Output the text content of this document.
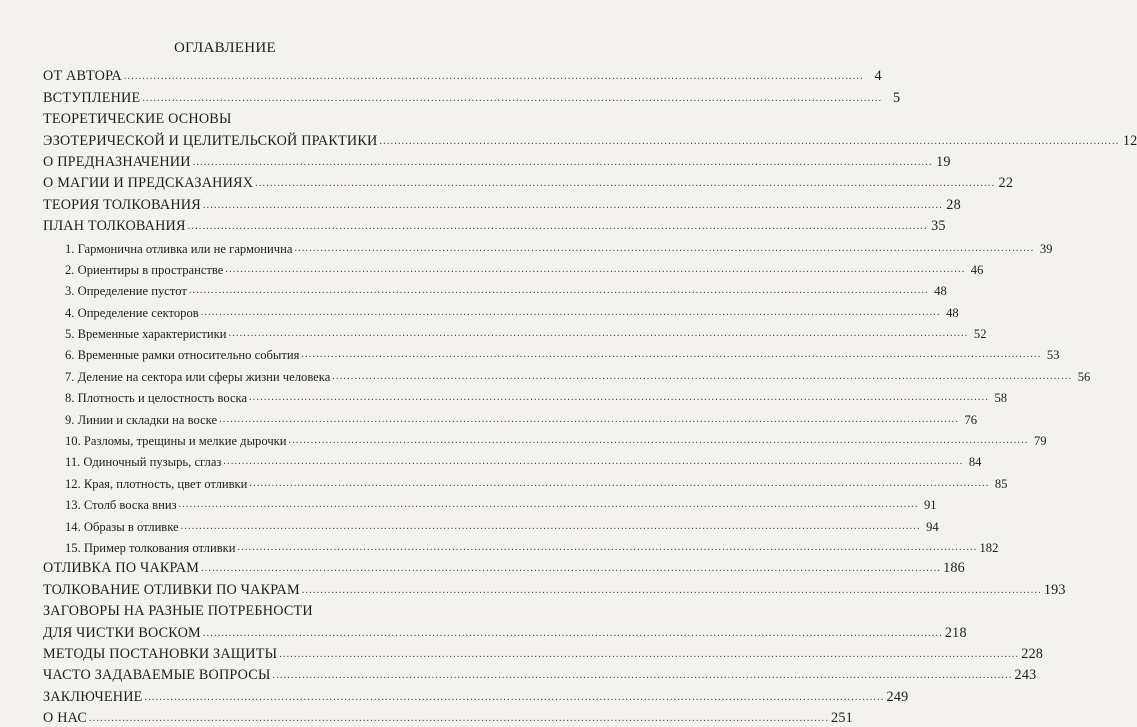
ОГЛАВЛЕНИЕ
ОТ АВТОРА ........................................................................................................................................................................................................ 4
ВСТУПЛЕНИЕ ........................................................................................................................................................................................................ 5
ТЕОРЕТИЧЕСКИЕ ОСНОВЫ
ЭЗОТЕРИЧЕСКОЙ И ЦЕЛИТЕЛЬСКОЙ ПРАКТИКИ ........................................................................................................................................................................................................ 12
О ПРЕДНАЗНАЧЕНИИ ........................................................................................................................................................................................................ 19
О МАГИИ И ПРЕДСКАЗАНИЯХ ........................................................................................................................................................................................................ 22
ТЕОРИЯ ТОЛКОВАНИЯ ........................................................................................................................................................................................................ 28
ПЛАН ТОЛКОВАНИЯ ........................................................................................................................................................................................................ 35
1. Гармонична отливка или не гармонична ........................................................................................................................................................................................................ 39
2. Ориентиры в пространстве ........................................................................................................................................................................................................ 46
3. Определение пустот ........................................................................................................................................................................................................ 48
4. Определение секторов ........................................................................................................................................................................................................ 48
5. Временные характеристики ........................................................................................................................................................................................................ 52
6. Временные рамки относительно события ........................................................................................................................................................................................................ 53
7. Деление на сектора или сферы жизни человека ........................................................................................................................................................................................................ 56
8. Плотность и целостность воска ........................................................................................................................................................................................................ 58
9. Линии и складки на воске ........................................................................................................................................................................................................ 76
10. Разломы, трещины и мелкие дырочки ........................................................................................................................................................................................................ 79
11. Одиночный пузырь, сглаз ........................................................................................................................................................................................................ 84
12. Края, плотность, цвет отливки ........................................................................................................................................................................................................ 85
13. Столб воска вниз ........................................................................................................................................................................................................ 91
14. Образы в отливке ........................................................................................................................................................................................................ 94
15. Пример толкования отливки ........................................................................................................................................................................................................ 182
ОТЛИВКА ПО ЧАКРАМ ........................................................................................................................................................................................................ 186
ТОЛКОВАНИЕ ОТЛИВКИ ПО ЧАКРАМ ........................................................................................................................................................................................................ 193
ЗАГОВОРЫ НА РАЗНЫЕ ПОТРЕБНОСТИ
ДЛЯ ЧИСТКИ ВОСКОМ ........................................................................................................................................................................................................ 218
МЕТОДЫ ПОСТАНОВКИ ЗАЩИТЫ ........................................................................................................................................................................................................ 228
ЧАСТО ЗАДАВАЕМЫЕ ВОПРОСЫ ........................................................................................................................................................................................................ 243
ЗАКЛЮЧЕНИЕ ........................................................................................................................................................................................................ 249
О НАС ........................................................................................................................................................................................................ 251
